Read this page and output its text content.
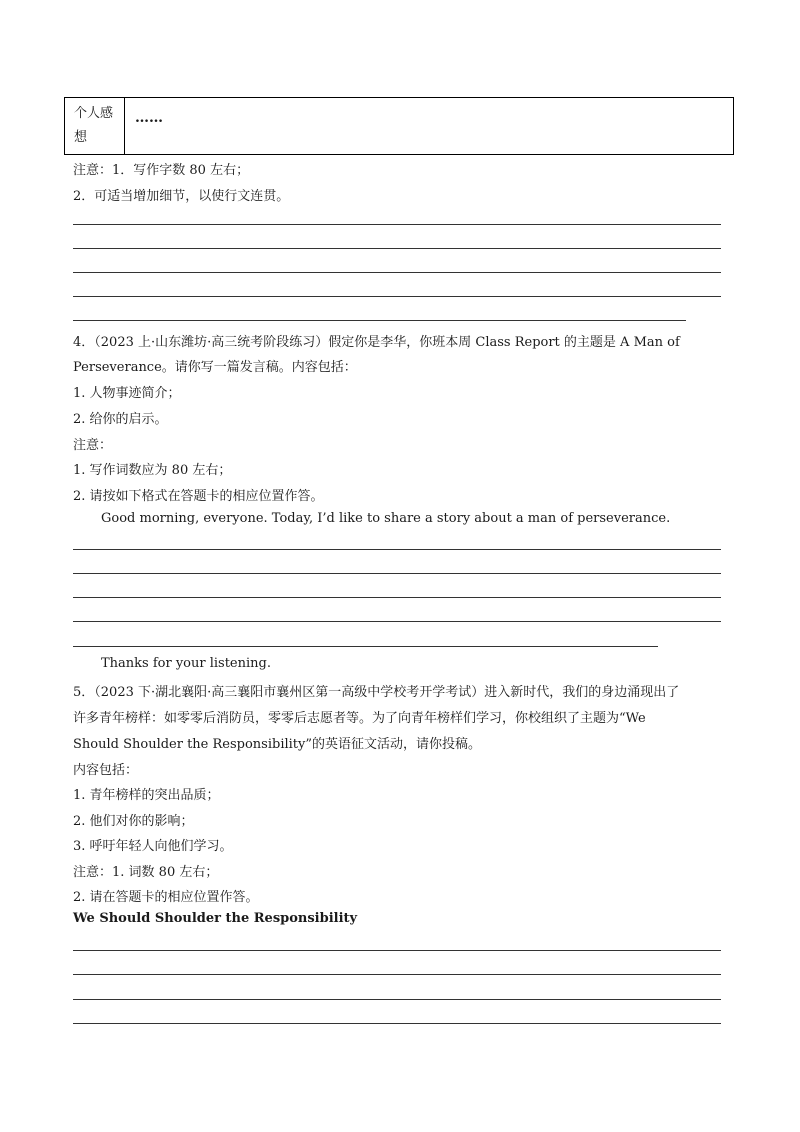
个人感想
……
注意：1．写作字数 80 左右；
2．可适当增加细节，以使行文连贯。
4．（2023 上·山东潍坊·高三统考阶段练习）假定你是李华，你班本周 Class Report 的主题是 A Man of
Perseverance。请你写一篇发言稿。内容包括：
1. 人物事迹简介；
2. 给你的启示。
注意：
1. 写作词数应为 80 左右；
2. 请按如下格式在答题卡的相应位置作答。
Good morning, everyone. Today, I’d like to share a story about a man of perseverance.
Thanks for your listening.
5．（2023 下·湖北襄阳·高三襄阳市襄州区第一高级中学校考开学考试）进入新时代，我们的身边涌现出了
许多青年榜样：如零零后消防员，零零后志愿者等。为了向青年榜样们学习，你校组织了主题为“We
Should Shoulder the Responsibility”的英语征文活动，请你投稿。
内容包括：
1. 青年榜样的突出品质；
2. 他们对你的影响；
3. 呼吁年轻人向他们学习。
注意：1. 词数 80 左右；
2. 请在答题卡的相应位置作答。
We Should Shoulder the Responsibility
